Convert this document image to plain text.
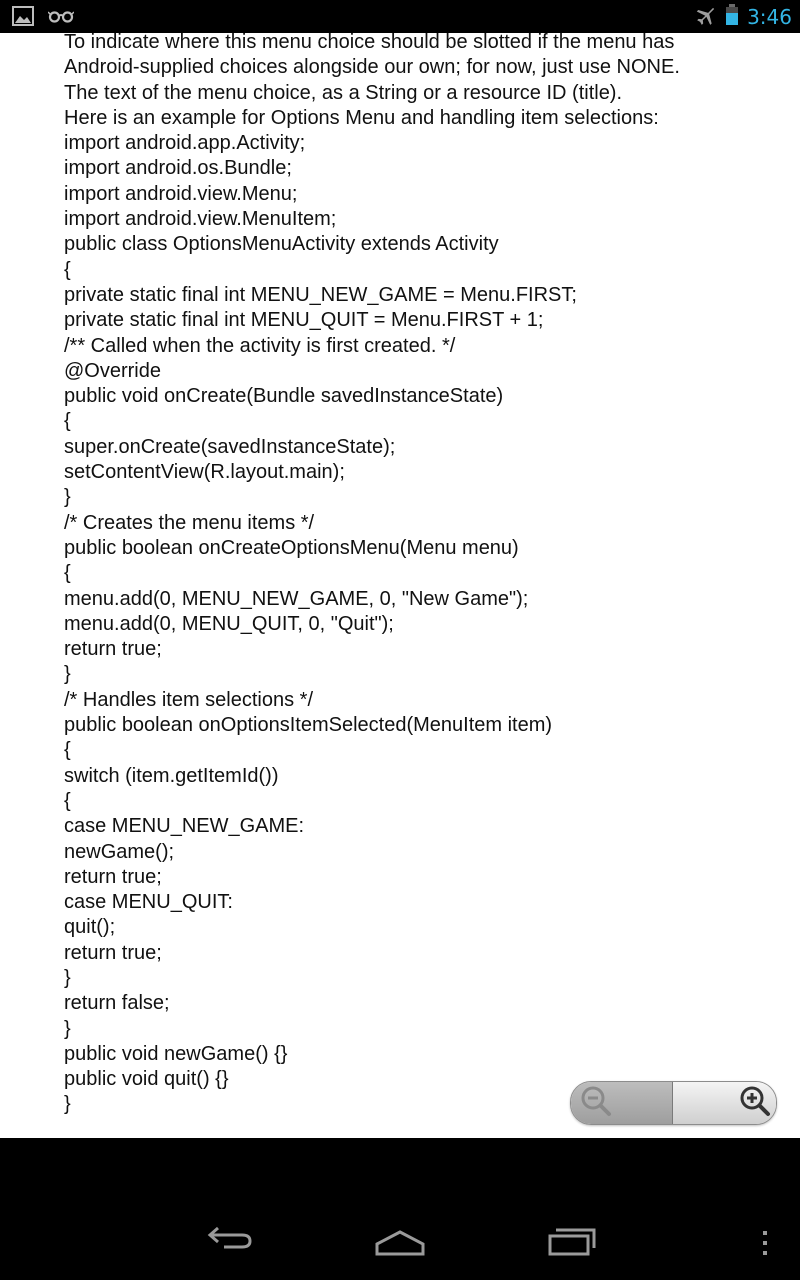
3:46
To indicate where this menu choice should be slotted if the menu has
Android-supplied choices alongside our own; for now, just use NONE.
The text of the menu choice, as a String or a resource ID (title).
Here is an example for Options Menu and handling item selections:
import android.app.Activity;
import android.os.Bundle;
import android.view.Menu;
import android.view.MenuItem;
public class OptionsMenuActivity extends Activity
{
private static final int MENU_NEW_GAME = Menu.FIRST;
private static final int MENU_QUIT = Menu.FIRST + 1;
/** Called when the activity is first created. */
@Override
public void onCreate(Bundle savedInstanceState)
{
super.onCreate(savedInstanceState);
setContentView(R.layout.main);
}
/* Creates the menu items */
public boolean onCreateOptionsMenu(Menu menu)
{
menu.add(0, MENU_NEW_GAME, 0, "New Game");
menu.add(0, MENU_QUIT, 0, "Quit");
return true;
}
/* Handles item selections */
public boolean onOptionsItemSelected(MenuItem item)
{
switch (item.getItemId())
{
case MENU_NEW_GAME:
newGame();
return true;
case MENU_QUIT:
quit();
return true;
}
return false;
}
public void newGame() {}
public void quit() {}
}
